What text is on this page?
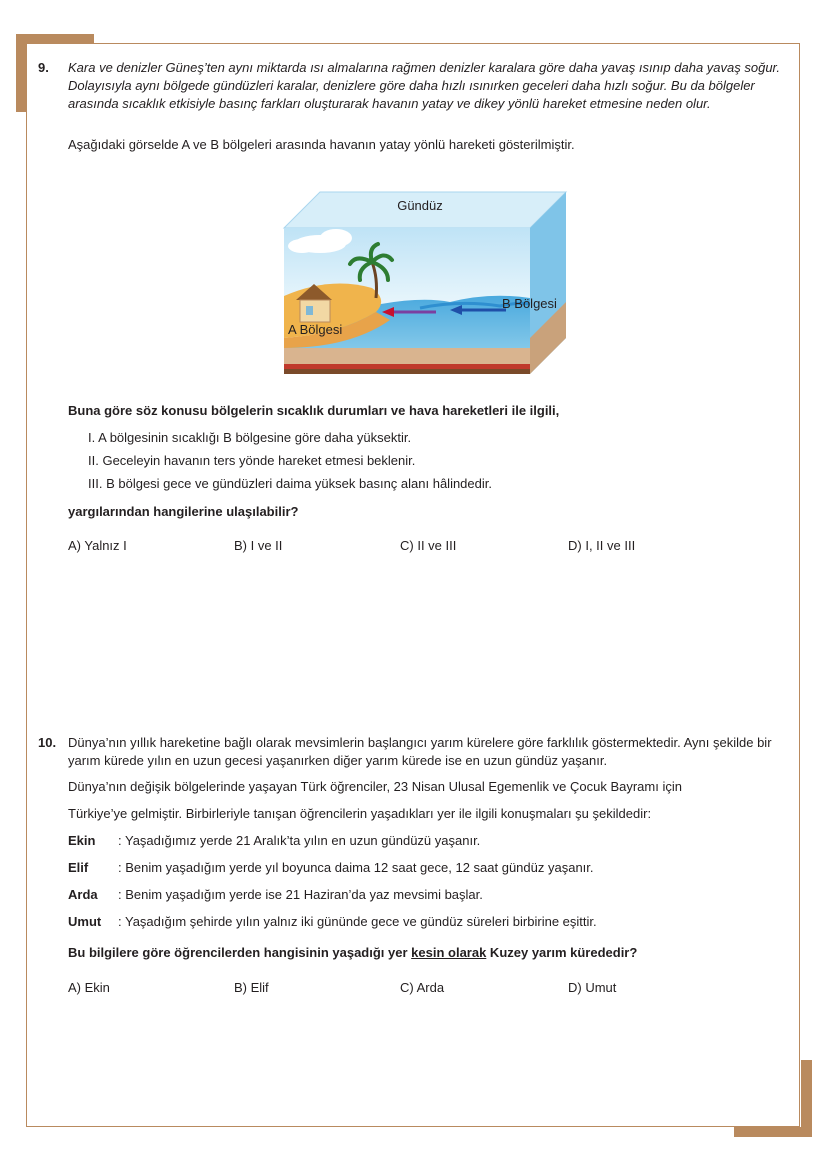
9. Kara ve denizler Güneş’ten aynı miktarda ısı almalarına rağmen denizler karalara göre daha yavaş ısınıp daha yavaş soğur. Dolayısıyla aynı bölgede gündüzleri karalar, denizlere göre daha hızlı ısınırken geceleri daha hızlı soğur. Bu da bölgeler arasında sıcaklık etkisiyle basınç farkları oluşturarak havanın yatay ve dikey yönlü hareket etmesine neden olur.
Aşağıdaki görselde A ve B bölgeleri arasında havanın yatay yönlü hareketi gösterilmiştir.
Gündüz
A Bölgesi
B Bölgesi
Buna göre söz konusu bölgelerin sıcaklık durumları ve hava hareketleri ile ilgili,
I. A bölgesinin sıcaklığı B bölgesine göre daha yüksektir.
II. Geceleyin havanın ters yönde hareket etmesi beklenir.
III. B bölgesi gece ve gündüzleri daima yüksek basınç alanı hâlindedir.
yargılarından hangilerine ulaşılabilir?
A) Yalnız I	B) I ve II	C) II ve III	D) I, II ve III
10. Dünya’nın yıllık hareketine bağlı olarak mevsimlerin başlangıcı yarım kürelere göre farklılık göstermektedir. Aynı şekilde bir yarım kürede yılın en uzun gecesi yaşanırken diğer yarım kürede ise en uzun gündüz yaşanır.
Dünya’nın değişik bölgelerinde yaşayan Türk öğrenciler, 23 Nisan Ulusal Egemenlik ve Çocuk Bayramı için
Türkiye’ye gelmiştir. Birbirleriyle tanışan öğrencilerin yaşadıkları yer ile ilgili konuşmaları şu şekildedir:
Ekin : Yaşadığımız yerde 21 Aralık’ta yılın en uzun gündüzü yaşanır.
Elif : Benim yaşadığım yerde yıl boyunca daima 12 saat gece, 12 saat gündüz yaşanır.
Arda : Benim yaşadığım yerde ise 21 Haziran’da yaz mevsimi başlar.
Umut : Yaşadığım şehirde yılın yalnız iki gününde gece ve gündüz süreleri birbirine eşittir.
Bu bilgilere göre öğrencilerden hangisinin yaşadığı yer kesin olarak Kuzey yarım kürededir?
A) Ekin	B) Elif	C) Arda	D) Umut
